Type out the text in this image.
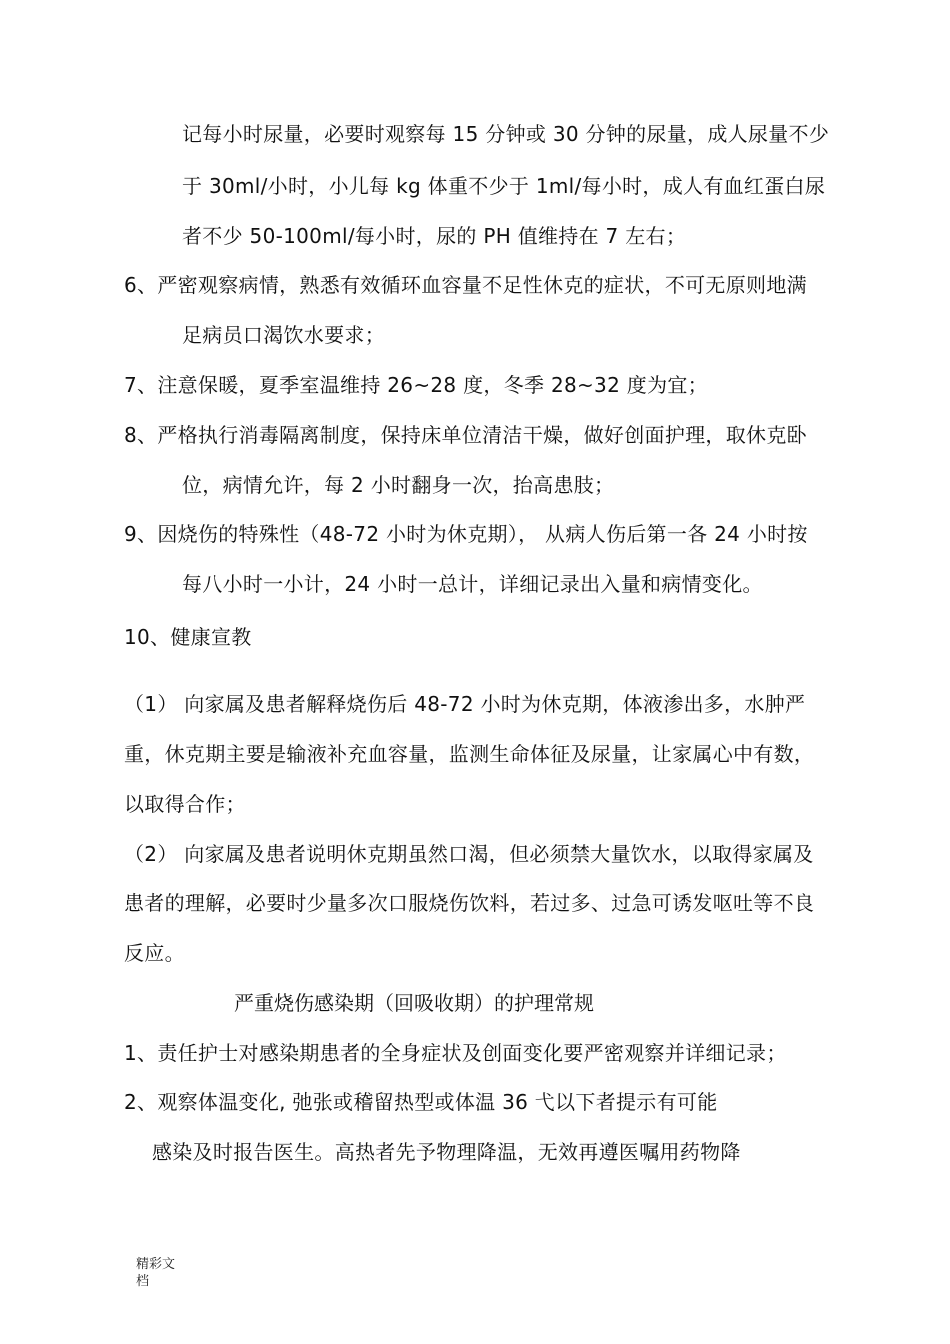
记每小时尿量，必要时观察每 15 分钟或 30 分钟的尿量，成人尿量不少
于 30ml/小时，小儿每 kg 体重不少于 1ml/每小时，成人有血红蛋白尿
者不少 50-100ml/每小时，尿的 PH 值维持在 7 左右；
6、严密观察病情，熟悉有效循环血容量不足性休克的症状，不可无原则地满
足病员口渴饮水要求；
7、注意保暖，夏季室温维持 26~28 度，冬季 28~32 度为宜；
8、严格执行消毒隔离制度，保持床单位清洁干燥，做好创面护理，取休克卧
位，病情允许，每 2 小时翻身一次，抬高患肢；
9、因烧伤的特殊性（48-72 小时为休克期）， 从病人伤后第一各 24 小时按
每八小时一小计，24 小时一总计，详细记录出入量和病情变化。
10、健康宣教
（1） 向家属及患者解释烧伤后 48-72 小时为休克期，体液渗出多，水肿严
重，休克期主要是输液补充血容量，监测生命体征及尿量，让家属心中有数，
以取得合作；
（2） 向家属及患者说明休克期虽然口渴，但必须禁大量饮水，以取得家属及
患者的理解，必要时少量多次口服烧伤饮料，若过多、过急可诱发呕吐等不良
反应。
严重烧伤感染期（回吸收期）的护理常规
1、责任护士对感染期患者的全身症状及创面变化要严密观察并详细记录；
2、观察体温变化, 弛张或稽留热型或体温 36 弋以下者提示有可能
感染及时报告医生。高热者先予物理降温，无效再遵医嘱用药物降
精彩文
档
